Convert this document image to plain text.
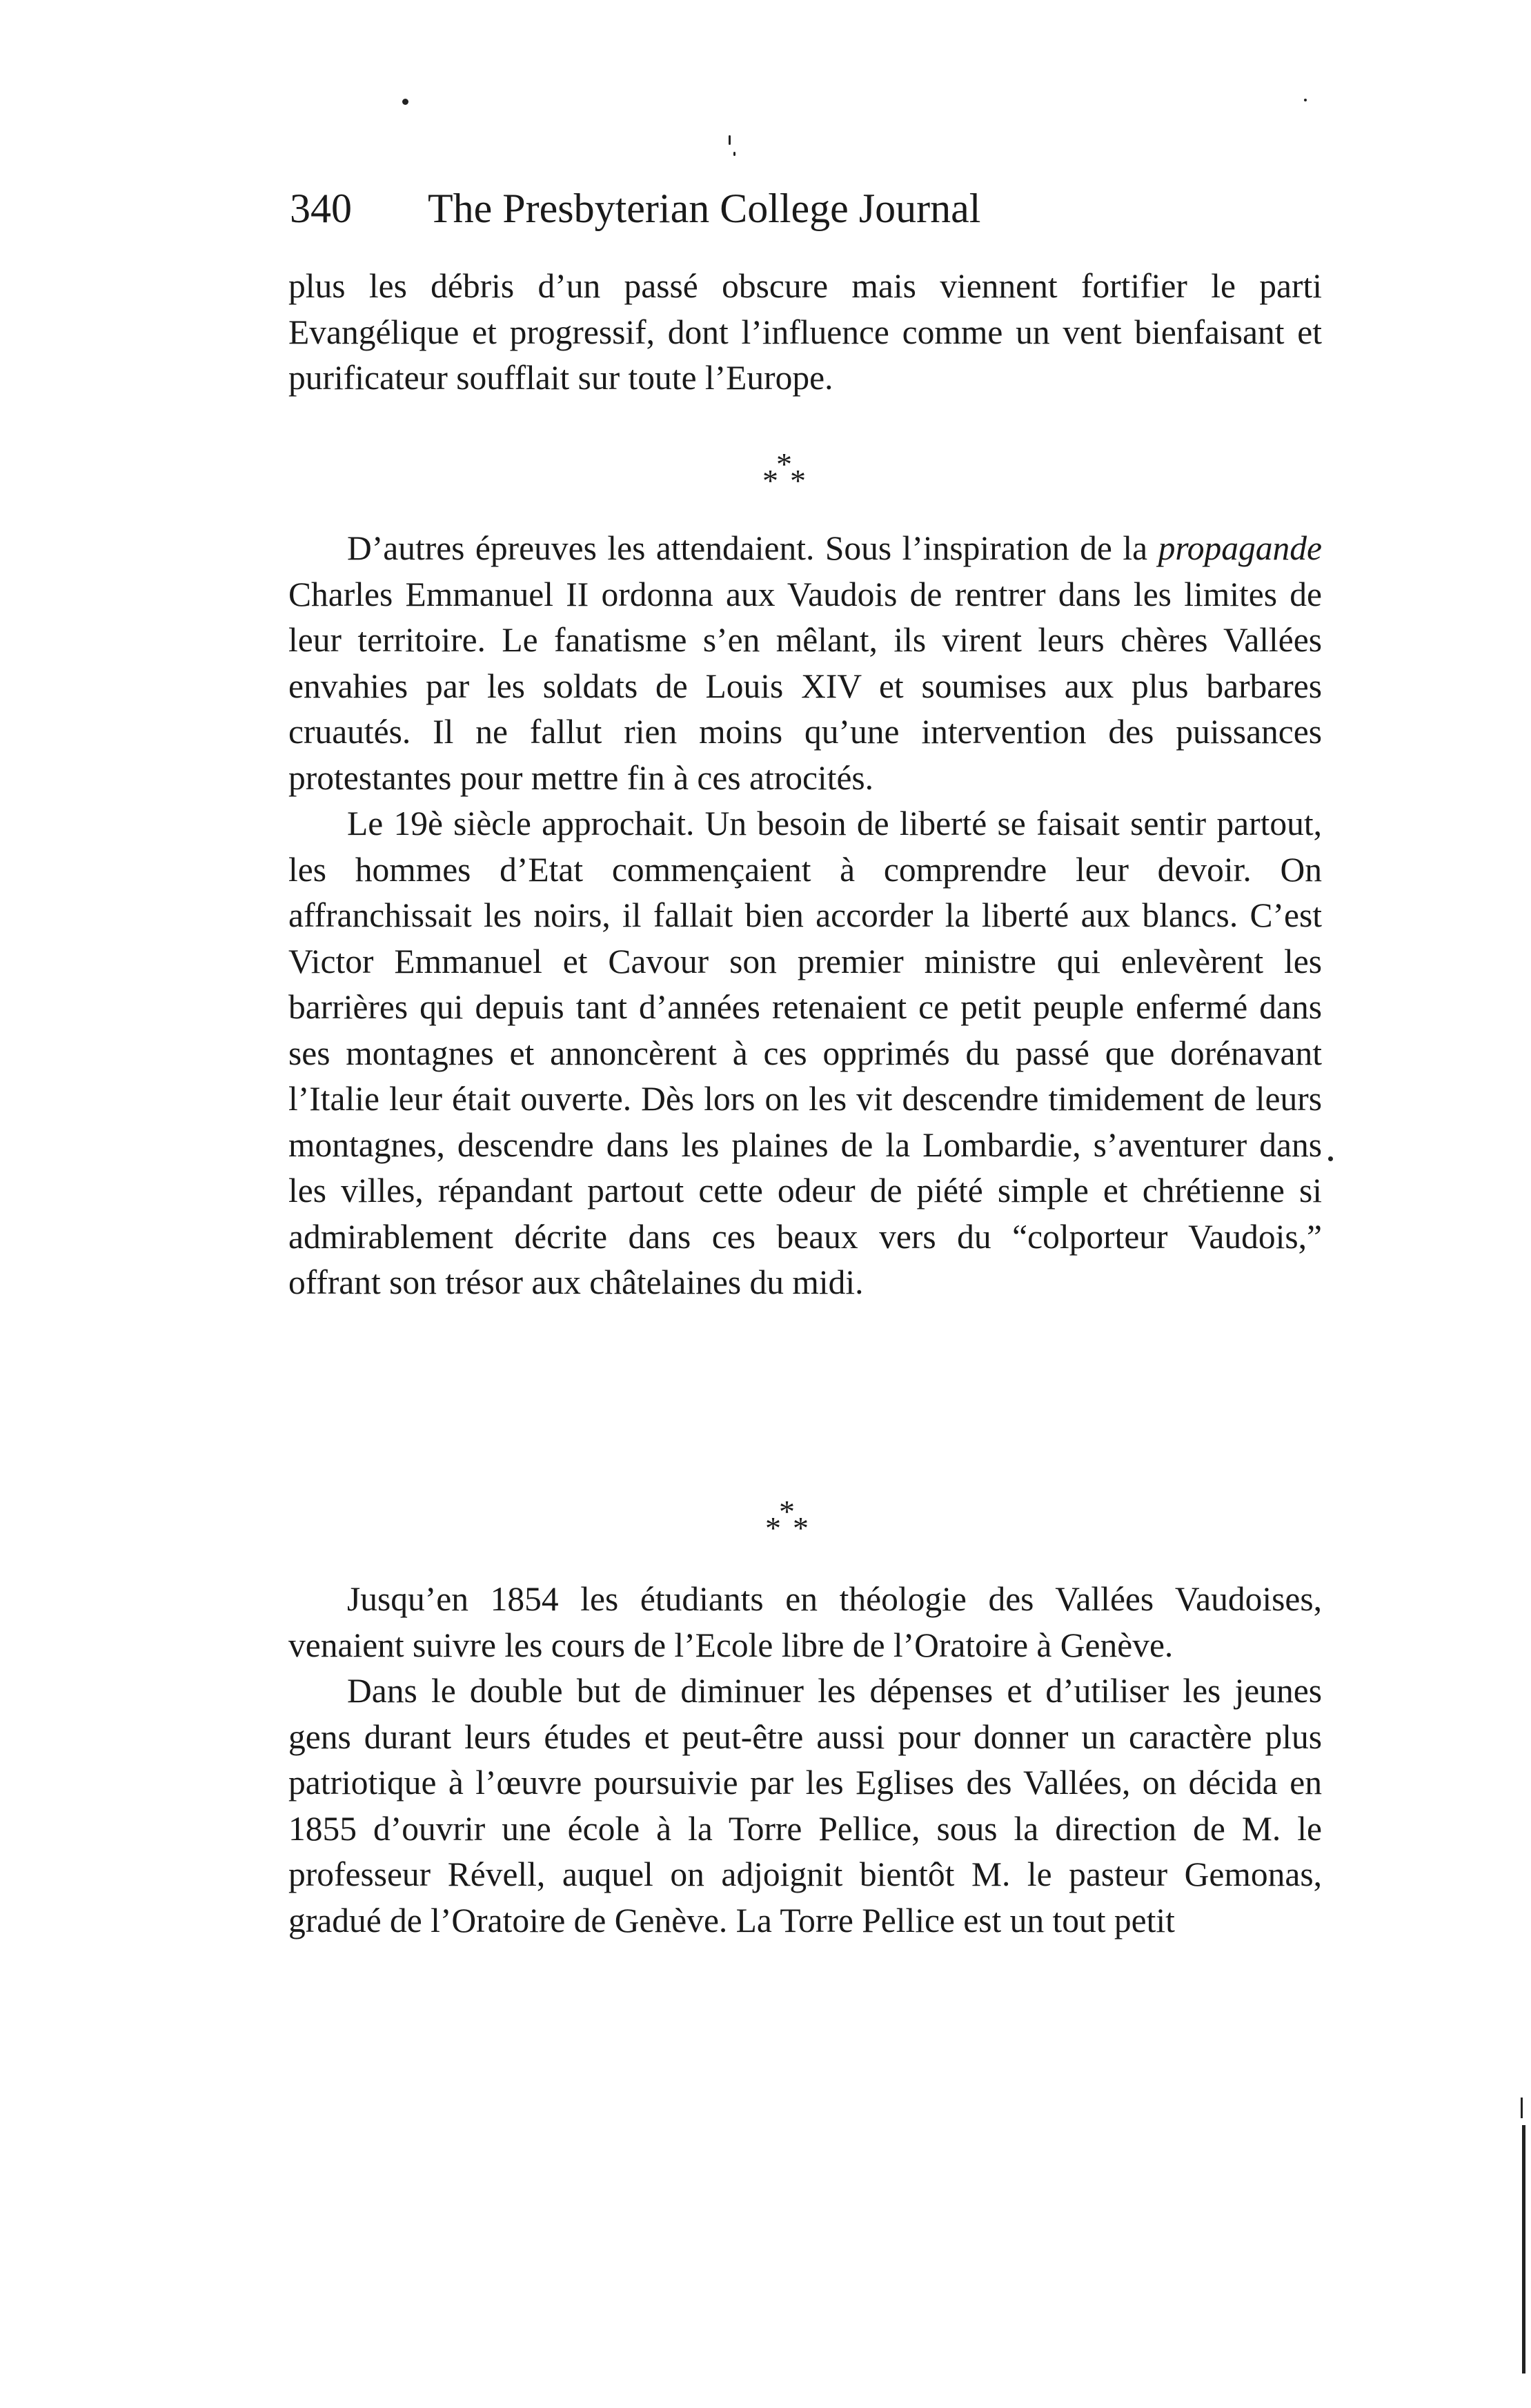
340 The Presbyterian College Journal

plus les débris d’un passé obscure mais viennent fortifier le parti Evangélique et progressif, dont l’influence comme un vent bienfaisant et purificateur soufflait sur toute l’Europe.

*
* *

D’autres épreuves les attendaient. Sous l’inspiration de la propagande Charles Emmanuel II ordonna aux Vaudois de rentrer dans les limites de leur territoire. Le fanatisme s’en mêlant, ils virent leurs chères Vallées envahies par les soldats de Louis XIV et soumises aux plus barbares cruautés. Il ne fallut rien moins qu’une intervention des puissances protestantes pour mettre fin à ces atrocités.

Le 19è siècle approchait. Un besoin de liberté se faisait sentir partout, les hommes d’Etat commençaient à comprendre leur devoir. On affranchissait les noirs, il fallait bien accorder la liberté aux blancs. C’est Victor Emmanuel et Cavour son premier ministre qui enlevèrent les barrières qui depuis tant d’années retenaient ce petit peuple enfermé dans ses montagnes et annoncèrent à ces opprimés du passé que dorénavant l’Italie leur était ouverte. Dès lors on les vit descendre timidement de leurs montagnes, descendre dans les plaines de la Lombardie, s’aventurer dans les villes, répandant partout cette odeur de piété simple et chrétienne si admirablement décrite dans ces beaux vers du “colporteur Vaudois,” offrant son trésor aux châtelaines du midi.

*
* *

Jusqu’en 1854 les étudiants en théologie des Vallées Vaudoises, venaient suivre les cours de l’Ecole libre de l’Oratoire à Genève.

Dans le double but de diminuer les dépenses et d’utiliser les jeunes gens durant leurs études et peut-être aussi pour donner un caractère plus patriotique à l’œuvre poursuivie par les Eglises des Vallées, on décida en 1855 d’ouvrir une école à la Torre Pellice, sous la direction de M. le professeur Révell, auquel on adjoignit bientôt M. le pasteur Gemonas, gradué de l’Oratoire de Genève. La Torre Pellice est un tout petit
